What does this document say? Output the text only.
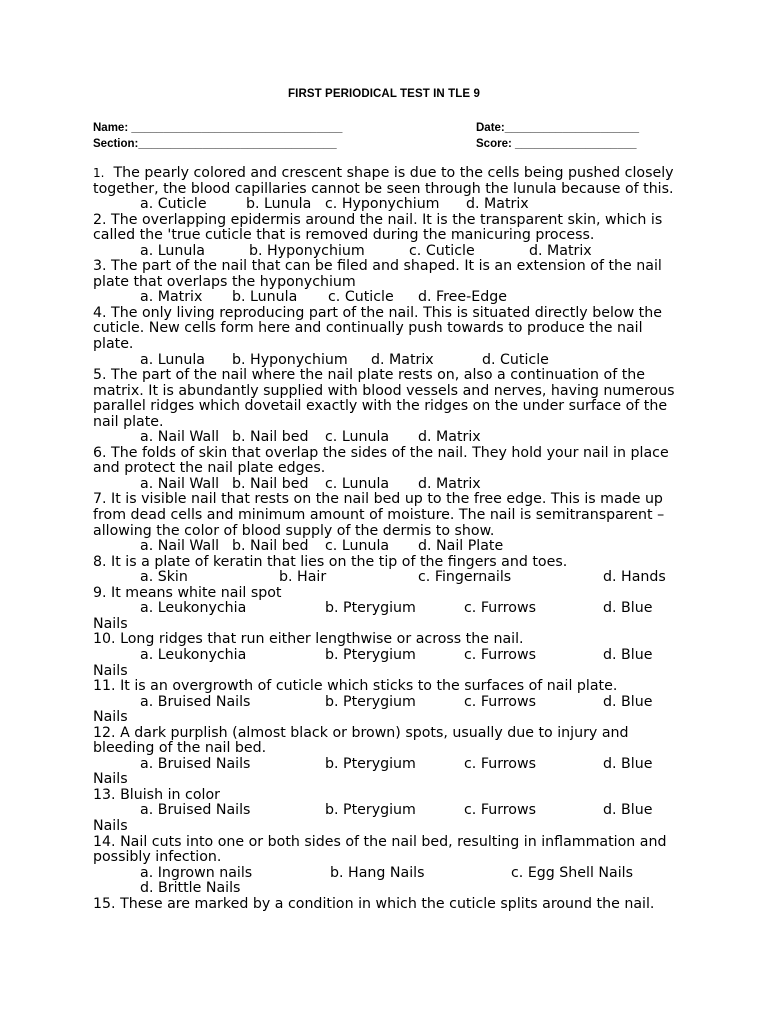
FIRST PERIODICAL TEST IN TLE 9
Name: _________________________________	Date:_____________________
Section:_______________________________	Score: ___________________
1. The pearly colored and crescent shape is due to the cells being pushed closely together, the blood capillaries cannot be seen through the lunula because of this.
a. Cuticle	b. Lunula c. Hyponychium d. Matrix
2. The overlapping epidermis around the nail. It is the transparent skin, which is called the 'true cuticle that is removed during the manicuring process.
a. Lunula	b. Hyponychium	c. Cuticle	d. Matrix
3. The part of the nail that can be filed and shaped. It is an extension of the nail plate that overlaps the hyponychium
a. Matrix b. Lunula c. Cuticle d. Free-Edge
4. The only living reproducing part of the nail. This is situated directly below the cuticle. New cells form here and continually push towards to produce the nail plate.
a. Lunula b. Hyponychium d. Matrix	d. Cuticle
5. The part of the nail where the nail plate rests on, also a continuation of the matrix. It is abundantly supplied with blood vessels and nerves, having numerous parallel ridges which dovetail exactly with the ridges on the under surface of the nail plate.
a. Nail Wall b. Nail bed c. Lunula d. Matrix
6. The folds of skin that overlap the sides of the nail. They hold your nail in place and protect the nail plate edges.
a. Nail Wall b. Nail bed c. Lunula d. Matrix
7. It is visible nail that rests on the nail bed up to the free edge. This is made up from dead cells and minimum amount of moisture. The nail is semitransparent – allowing the color of blood supply of the dermis to show.
a. Nail Wall b. Nail bed c. Lunula d. Nail Plate
8. It is a plate of keratin that lies on the tip of the fingers and toes.
a. Skin	b. Hair	c. Fingernails	d. Hands
9. It means white nail spot
a. Leukonychia	b. Pterygium	c. Furrows	d. Blue
Nails
10. Long ridges that run either lengthwise or across the nail.
a. Leukonychia	b. Pterygium	c. Furrows	d. Blue
Nails
11. It is an overgrowth of cuticle which sticks to the surfaces of nail plate.
a. Bruised Nails	b. Pterygium	c. Furrows	d. Blue
Nails
12. A dark purplish (almost black or brown) spots, usually due to injury and bleeding of the nail bed.
a. Bruised Nails	b. Pterygium	c. Furrows	d. Blue
Nails
13. Bluish in color
a. Bruised Nails	b. Pterygium	c. Furrows	d. Blue
Nails
14. Nail cuts into one or both sides of the nail bed, resulting in inflammation and possibly infection.
a. Ingrown nails	b. Hang Nails	c. Egg Shell Nails
d. Brittle Nails
15. These are marked by a condition in which the cuticle splits around the nail.
